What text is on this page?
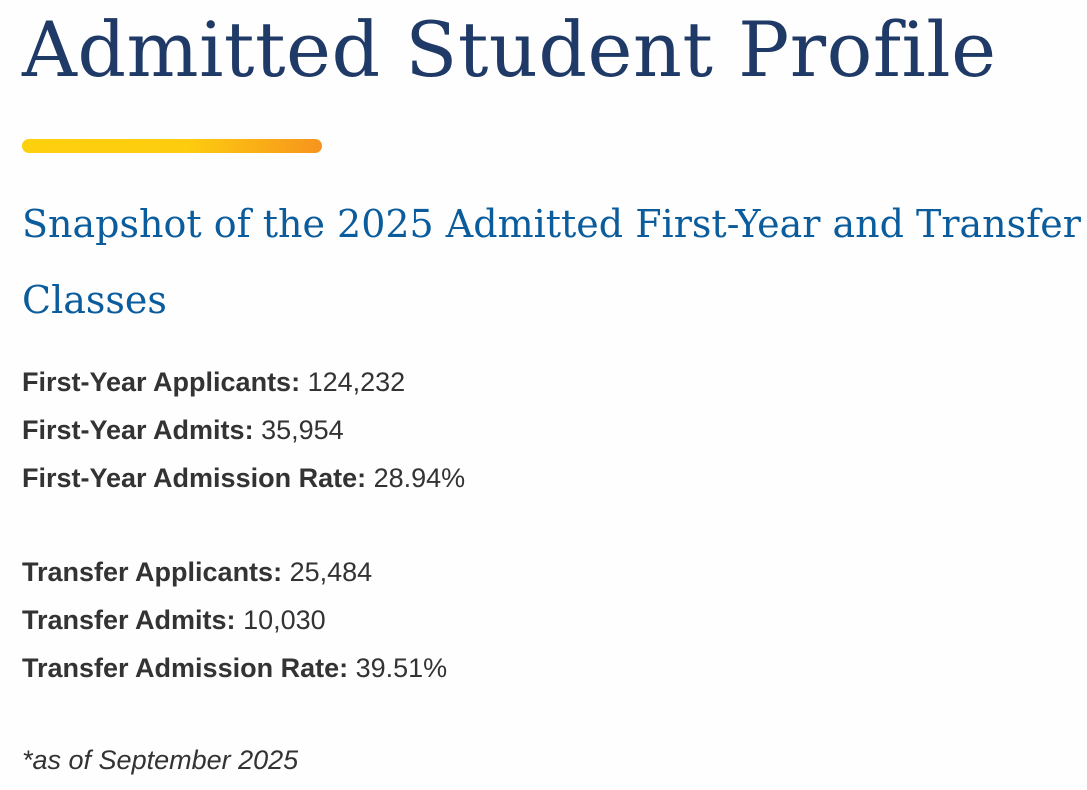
Admitted Student Profile
Snapshot of the 2025 Admitted First-Year and Transfer
Classes
First-Year Applicants: 124,232
First-Year Admits: 35,954
First-Year Admission Rate: 28.94%
Transfer Applicants: 25,484
Transfer Admits: 10,030
Transfer Admission Rate: 39.51%

*as of September 2025
